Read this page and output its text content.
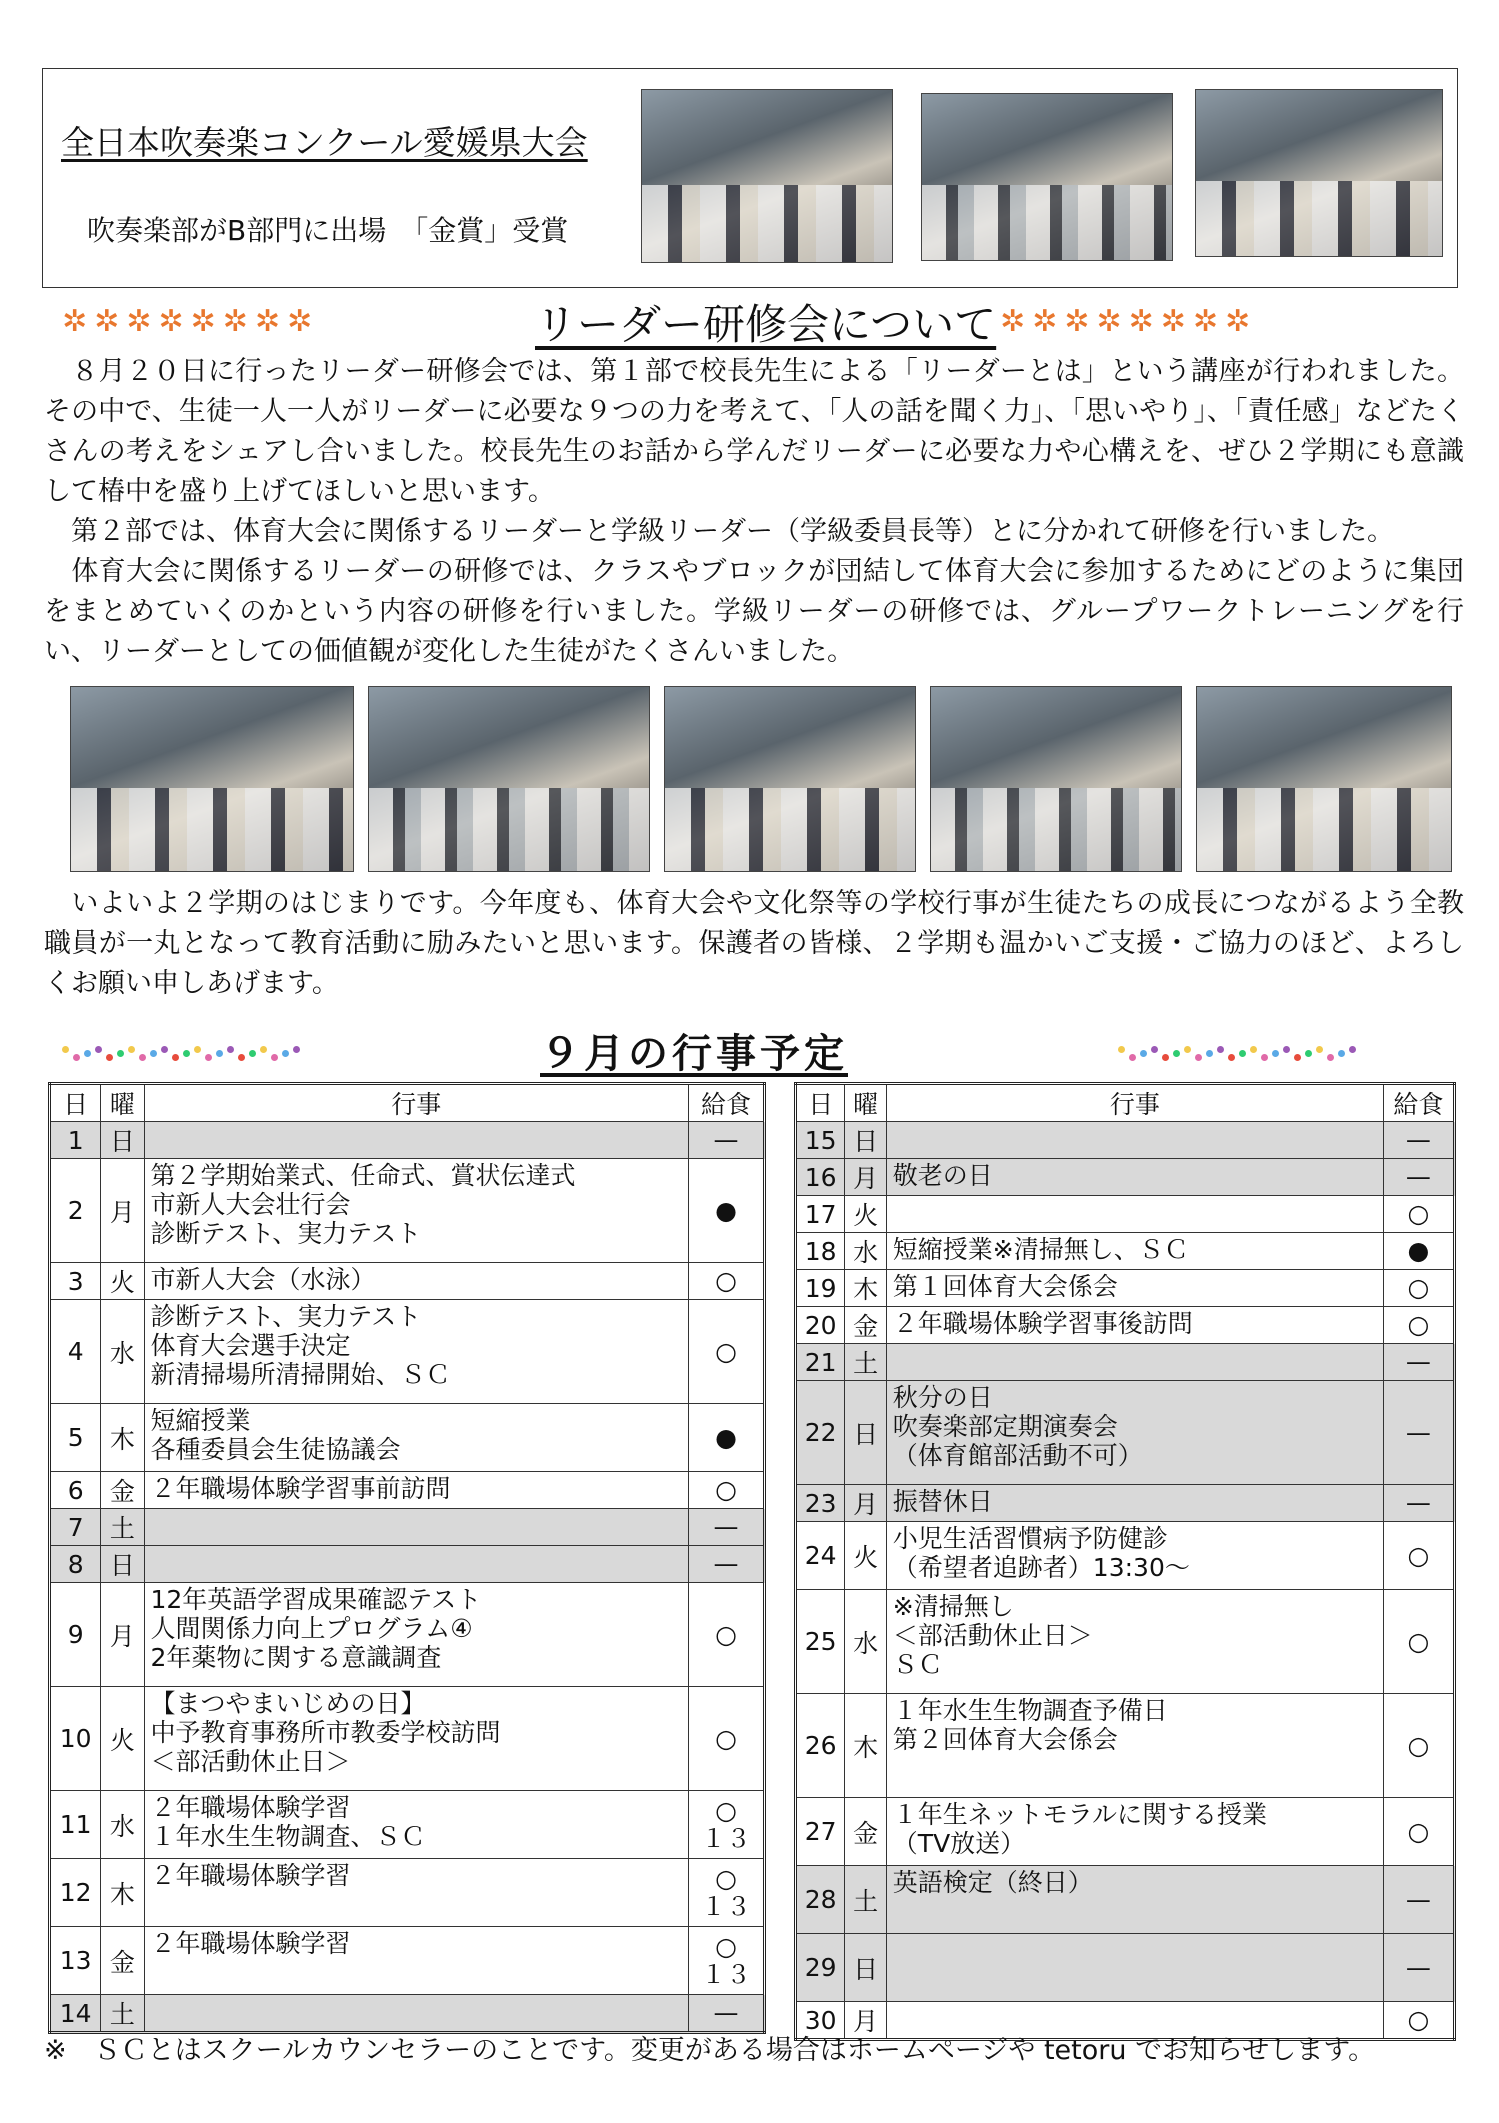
全日本吹奏楽コンクール愛媛県大会
吹奏楽部がB部門に出場　「金賞」受賞
✲✲✲✲✲✲✲✲	リーダー研修会について ✲✲✲✲✲✲✲✲

　８月２０日に行ったリーダー研修会では、第１部で校長先生による「リーダーとは」という講座が行われました。その中で、生徒一人一人がリーダーに必要な９つの力を考えて、「人の話を聞く力」、「思いやり」、「責任感」などたくさんの考えをシェアし合いました。校長先生のお話から学んだリーダーに必要な力や心構えを、ぜひ２学期にも意識して椿中を盛り上げてほしいと思います。

　第２部では、体育大会に関係するリーダーと学級リーダー（学級委員長等）とに分かれて研修を行いました。

　体育大会に関係するリーダーの研修では、クラスやブロックが団結して体育大会に参加するためにどのように集団をまとめていくのかという内容の研修を行いました。学級リーダーの研修では、グループワークトレーニングを行い、リーダーとしての価値観が変化した生徒がたくさんいました。

　いよいよ２学期のはじまりです。今年度も、体育大会や文化祭等の学校行事が生徒たちの成長につながるよう全教職員が一丸となって教育活動に励みたいと思います。保護者の皆様、２学期も温かいご支援・ご協力のほど、よろしくお願い申しあげます。
９月の行事予定
日	曜	行事	給食
1	日		—
2	月	第２学期始業式、任命式、賞状伝達式
市新人大会壮行会
診断テスト、実力テスト	●
3	火	市新人大会（水泳）	○
4	水	診断テスト、実力テスト
体育大会選手決定
新清掃場所清掃開始、ＳＣ	○
5	木	短縮授業
各種委員会生徒協議会	●
6	金	２年職場体験学習事前訪問	○
7	土		—
8	日		—
9	月	12年英語学習成果確認テスト
人間関係力向上プログラム④
2年薬物に関する意識調査	○
10	火	【まつやまいじめの日】
中予教育事務所市教委学校訪問
＜部活動休止日＞	○
11	水	２年職場体験学習
１年水生生物調査、ＳＣ	○
１３
12	木	２年職場体験学習	○
１３
13	金	２年職場体験学習	○
１３
14	土		—
日	曜	行事	給食
15	日		—
16	月	敬老の日	—
17	火		○
18	水	短縮授業※清掃無し、ＳＣ	●
19	木	第１回体育大会係会	○
20	金	２年職場体験学習事後訪問	○
21	土		—
22	日	秋分の日
吹奏楽部定期演奏会
（体育館部活動不可）	—
23	月	振替休日	—
24	火	小児生活習慣病予防健診
（希望者追跡者）13:30～	○
25	水	※清掃無し
＜部活動休止日＞
ＳＣ	○
26	木	１年水生生物調査予備日
第２回体育大会係会	○
27	金	１年生ネットモラルに関する授業
（TV放送）	○
28	土	英語検定（終日）	—
29	日		—
30	月		○
※　ＳＣとはスクールカウンセラーのことです。変更がある場合はホームページや tetoru でお知らせします。
